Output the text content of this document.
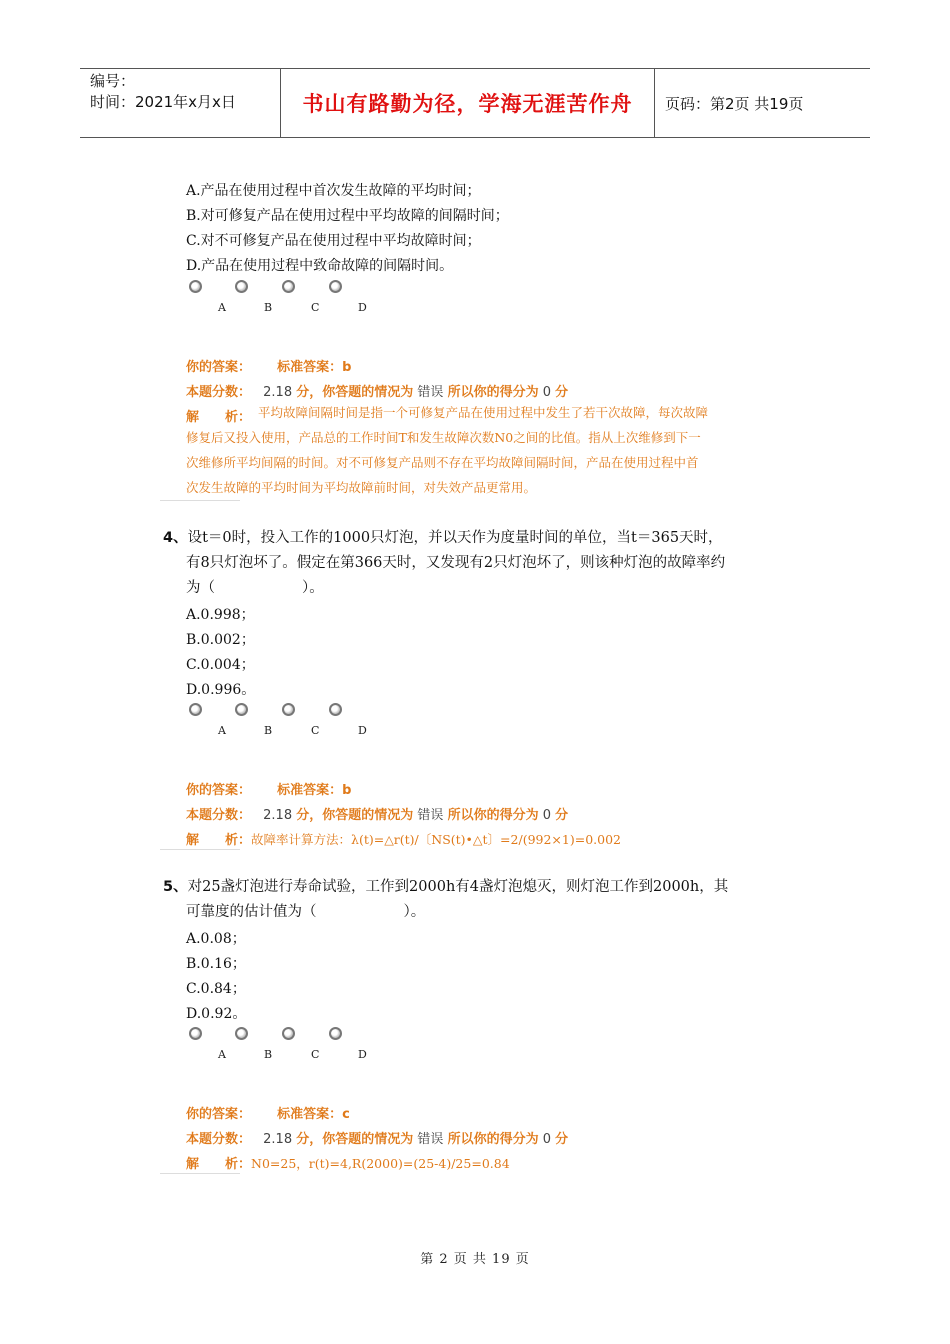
编号：
时间：2021年x月x日	书山有路勤为径，学海无涯苦作舟	页码：第2页 共19页
A.产品在使用过程中首次发生故障的平均时间；
B.对可修复产品在使用过程中平均故障的间隔时间；
C.对不可修复产品在使用过程中平均故障时间；
D.产品在使用过程中致命故障的间隔时间。
A	B	C	D
你的答案： 标准答案：b
本题分数： 2.18 分，你答题的情况为 错误 所以你的得分为 0 分
解　　析： 平均故障间隔时间是指一个可修复产品在使用过程中发生了若干次故障，每次故障
修复后又投入使用，产品总的工作时间T和发生故障次数N0之间的比值。指从上次维修到下一
次维修所平均间隔的时间。对不可修复产品则不存在平均故障间隔时间，产品在使用过程中首
次发生故障的平均时间为平均故障前时间，对失效产品更常用。
4、设t＝0时，投入工作的1000只灯泡，并以天作为度量时间的单位，当t＝365天时，
有8只灯泡坏了。假定在第366天时，又发现有2只灯泡坏了，则该种灯泡的故障率约
为（　　　　　　）。
A.0.998；
B.0.002；
C.0.004；
D.0.996。
A	B	C	D
你的答案： 标准答案：b
本题分数： 2.18 分，你答题的情况为 错误 所以你的得分为 0 分
解　　析：故障率计算方法：λ(t)=△r(t)/〔NS(t)•△t〕=2/(992×1)=0.002
5、对25盏灯泡进行寿命试验，工作到2000h有4盏灯泡熄灭，则灯泡工作到2000h，其
可靠度的估计值为（　　　　　　）。
A.0.08；
B.0.16；
C.0.84；
D.0.92。
A	B	C	D
你的答案： 标准答案：c
本题分数： 2.18 分，你答题的情况为 错误 所以你的得分为 0 分
解　　析：N0=25，r(t)=4,R(2000)=(25-4)/25=0.84
第 2 页 共 19 页
